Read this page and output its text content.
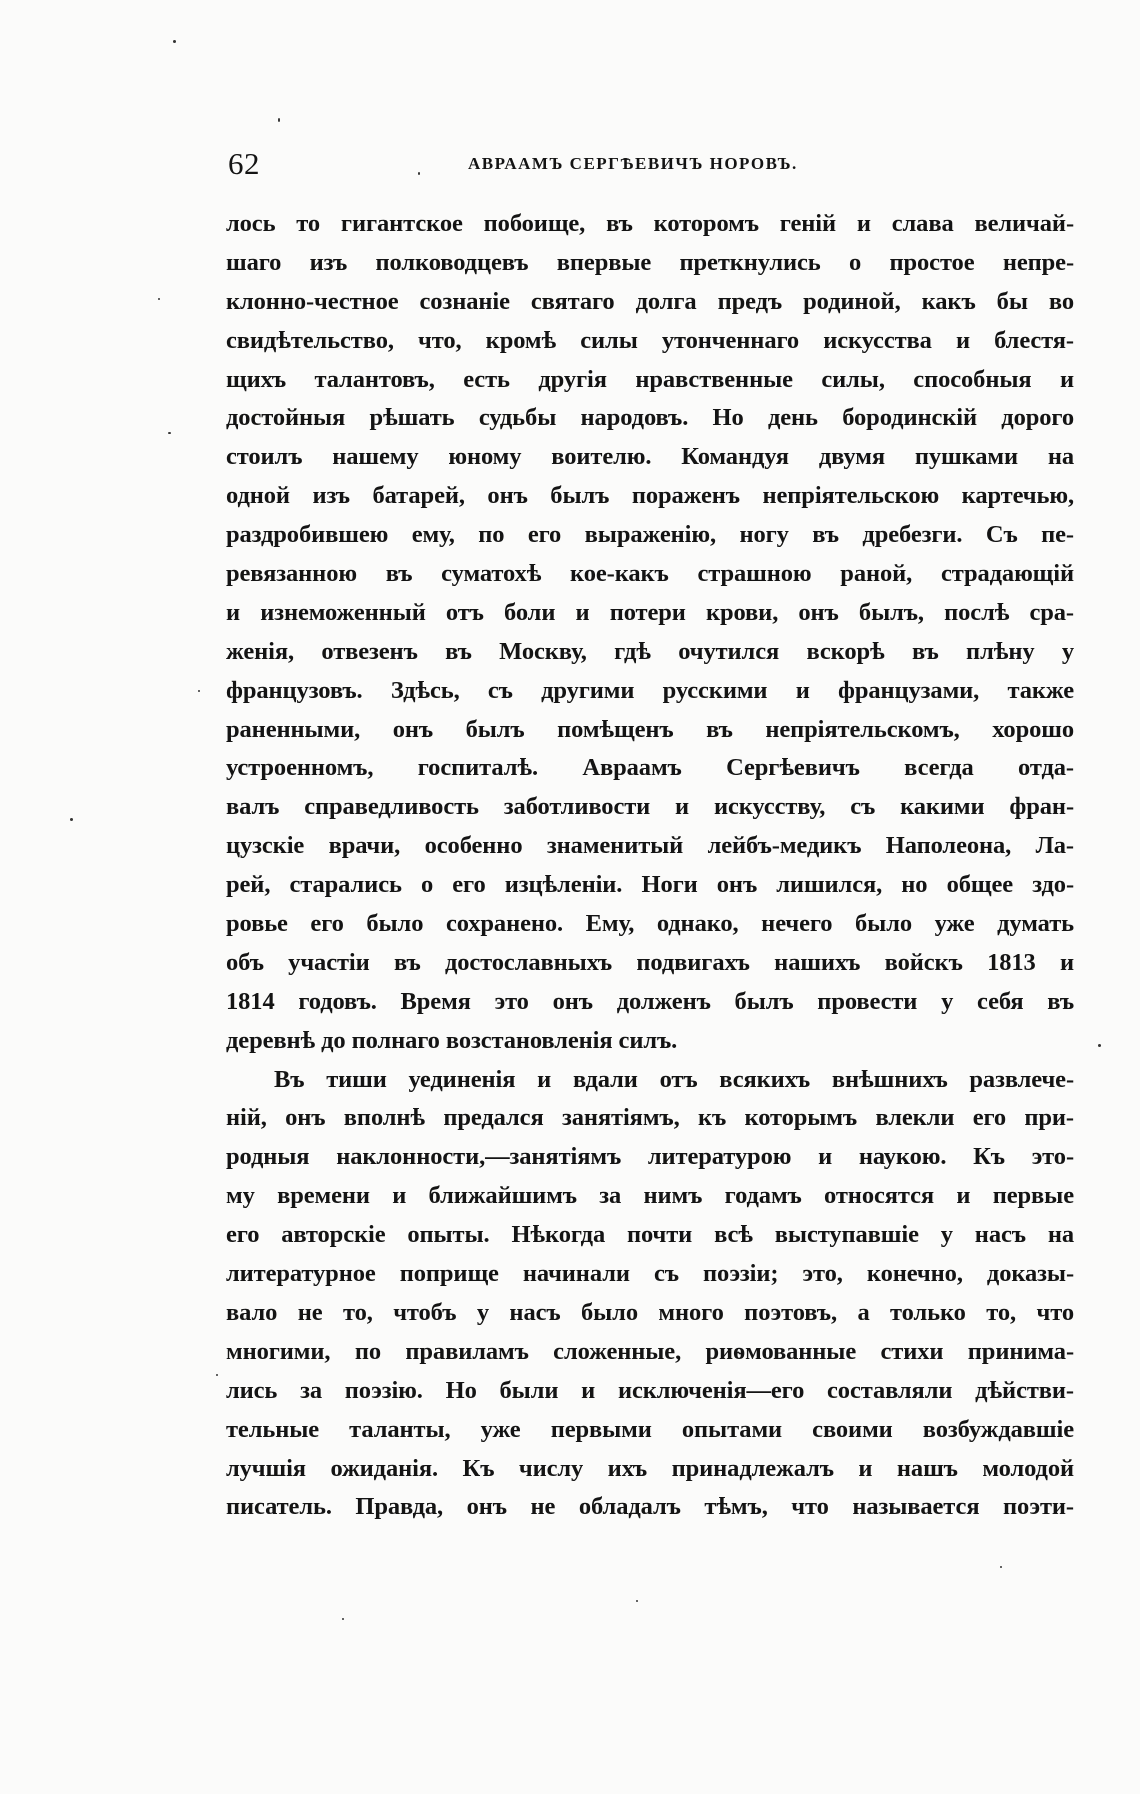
62	АВРААМЪ СЕРГѢЕВИЧЪ НОРОВЪ.
лось то гигантское побоище, въ которомъ геній и слава величай-
шаго изъ полководцевъ впервые преткнулись о простое непре-
клонно-честное сознаніе святаго долга предъ родиной, какъ бы во
свидѣтельство, что, кромѣ силы утонченнаго искусства и блестя-
щихъ талантовъ, есть другія нравственные силы, способныя и
достойныя рѣшать судьбы народовъ. Но день бородинскій дорого
стоилъ нашему юному воителю. Командуя двумя пушками на
одной изъ батарей, онъ былъ пораженъ непріятельскою картечью,
раздробившею ему, по его выраженію, ногу въ дребезги. Съ пе-
ревязанною въ суматохѣ кое-какъ страшною раной, страдающій
и изнеможенный отъ боли и потери крови, онъ былъ, послѣ сра-
женія, отвезенъ въ Москву, гдѣ очутился вскорѣ въ плѣну у
французовъ. Здѣсь, съ другими русскими и французами, также
раненными, онъ былъ помѣщенъ въ непріятельскомъ, хорошо
устроенномъ, госпиталѣ. Авраамъ Сергѣевичъ всегда отда-
валъ справедливость заботливости и искусству, съ какими фран-
цузскіе врачи, особенно знаменитый лейбъ-медикъ Наполеона, Ла-
рей, старались о его изцѣленіи. Ноги онъ лишился, но общее здо-
ровье его было сохранено. Ему, однако, нечего было уже думать
объ участіи въ достославныхъ подвигахъ нашихъ войскъ 1813 и
1814 годовъ. Время это онъ долженъ былъ провести у себя въ
деревнѣ до полнаго возстановленія силъ.
Въ тиши уединенія и вдали отъ всякихъ внѣшнихъ развлече-
ній, онъ вполнѣ предался занятіямъ, къ которымъ влекли его при-
родныя наклонности,—занятіямъ литературою и наукою. Къ это-
му времени и ближайшимъ за нимъ годамъ относятся и первые
его авторскіе опыты. Нѣкогда почти всѣ выступавшіе у насъ на
литературное поприще начинали съ поэзіи; это, конечно, доказы-
вало не то, чтобъ у насъ было много поэтовъ, а только то, что
многими, по правиламъ сложенные, риѳмованные стихи принима-
лись за поэзію. Но были и исключенія—его составляли дѣйстви-
тельные таланты, уже первыми опытами своими возбуждавшіе
лучшія ожиданія. Къ числу ихъ принадлежалъ и нашъ молодой
писатель. Правда, онъ не обладалъ тѣмъ, что называется поэти-
